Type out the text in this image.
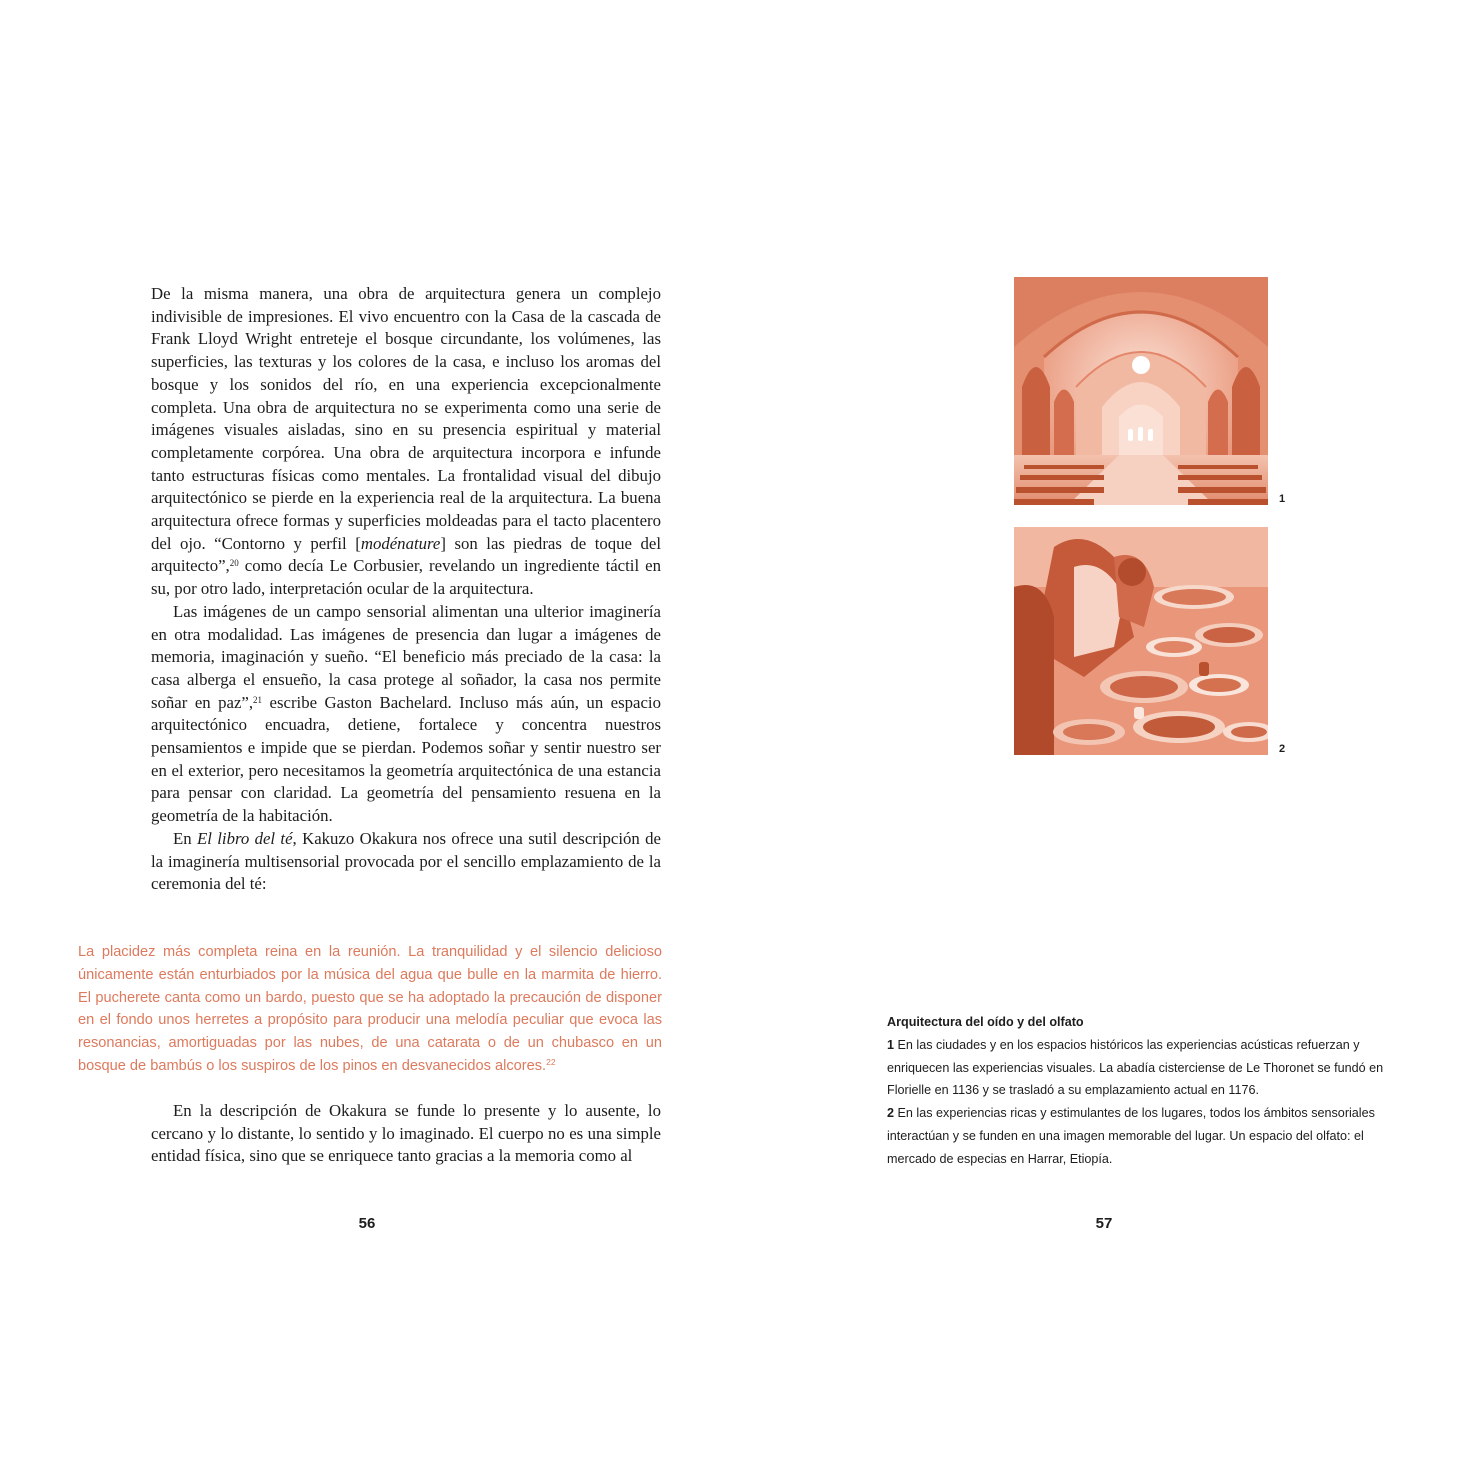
De la misma manera, una obra de arquitectura genera un complejo indivisible de impresiones. El vivo encuentro con la Casa de la cascada de Frank Lloyd Wright entreteje el bosque circundante, los volúmenes, las superficies, las texturas y los colores de la casa, e incluso los aromas del bosque y los sonidos del río, en una experiencia excepcionalmente completa. Una obra de arquitectura no se experimenta como una serie de imágenes visuales aisladas, sino en su presencia espiritual y material completamente corpórea. Una obra de arquitectura incorpora e infunde tanto estructuras físicas como mentales. La frontalidad visual del dibujo arquitectónico se pierde en la experiencia real de la arquitectura. La buena arquitectura ofrece formas y superficies moldeadas para el tacto placentero del ojo. “Contorno y perfil [modénature] son las piedras de toque del arquitecto”,$^{20}$ como decía Le Corbusier, revelando un ingrediente táctil en su, por otro lado, interpretación ocular de la arquitectura.

Las imágenes de un campo sensorial alimentan una ulterior imaginería en otra modalidad. Las imágenes de presencia dan lugar a imágenes de memoria, imaginación y sueño. “El beneficio más preciado de la casa: la casa alberga el ensueño, la casa protege al soñador, la casa nos permite soñar en paz”,$^{21}$ escribe Gaston Bachelard. Incluso más aún, un espacio arquitectónico encuadra, detiene, fortalece y concentra nuestros pensamientos e impide que se pierdan. Podemos soñar y sentir nuestro ser en el exterior, pero necesitamos la geometría arquitectónica de una estancia para pensar con claridad. La geometría del pensamiento resuena en la geometría de la habitación.

En El libro del té, Kakuzo Okakura nos ofrece una sutil descripción de la imaginería multisensorial provocada por el sencillo emplazamiento de la ceremonia del té:

La placidez más completa reina en la reunión. La tranquilidad y el silencio delicioso únicamente están enturbiados por la música del agua que bulle en la marmita de hierro. El pucherete canta como un bardo, puesto que se ha adoptado la precaución de disponer en el fondo unos herretes a propósito para producir una melodía peculiar que evoca las resonancias, amortiguadas por las nubes, de una catarata o de un chubasco en un bosque de bambús o los suspiros de los pinos en desvanecidos alcores.$^{22}$

En la descripción de Okakura se funde lo presente y lo ausente, lo cercano y lo distante, lo sentido y lo imaginado. El cuerpo no es una simple entidad física, sino que se enriquece tanto gracias a la memoria como al

56
1
2

Arquitectura del oído y del olfato

1 En las ciudades y en los espacios históricos las experiencias acústicas refuerzan y enriquecen las experiencias visuales. La abadía cisterciense de Le Thoronet se fundó en Florielle en 1136 y se trasladó a su emplazamiento actual en 1176.

2 En las experiencias ricas y estimulantes de los lugares, todos los ámbitos sensoriales interactúan y se funden en una imagen memorable del lugar. Un espacio del olfato: el mercado de especias en Harrar, Etiopía.

57
